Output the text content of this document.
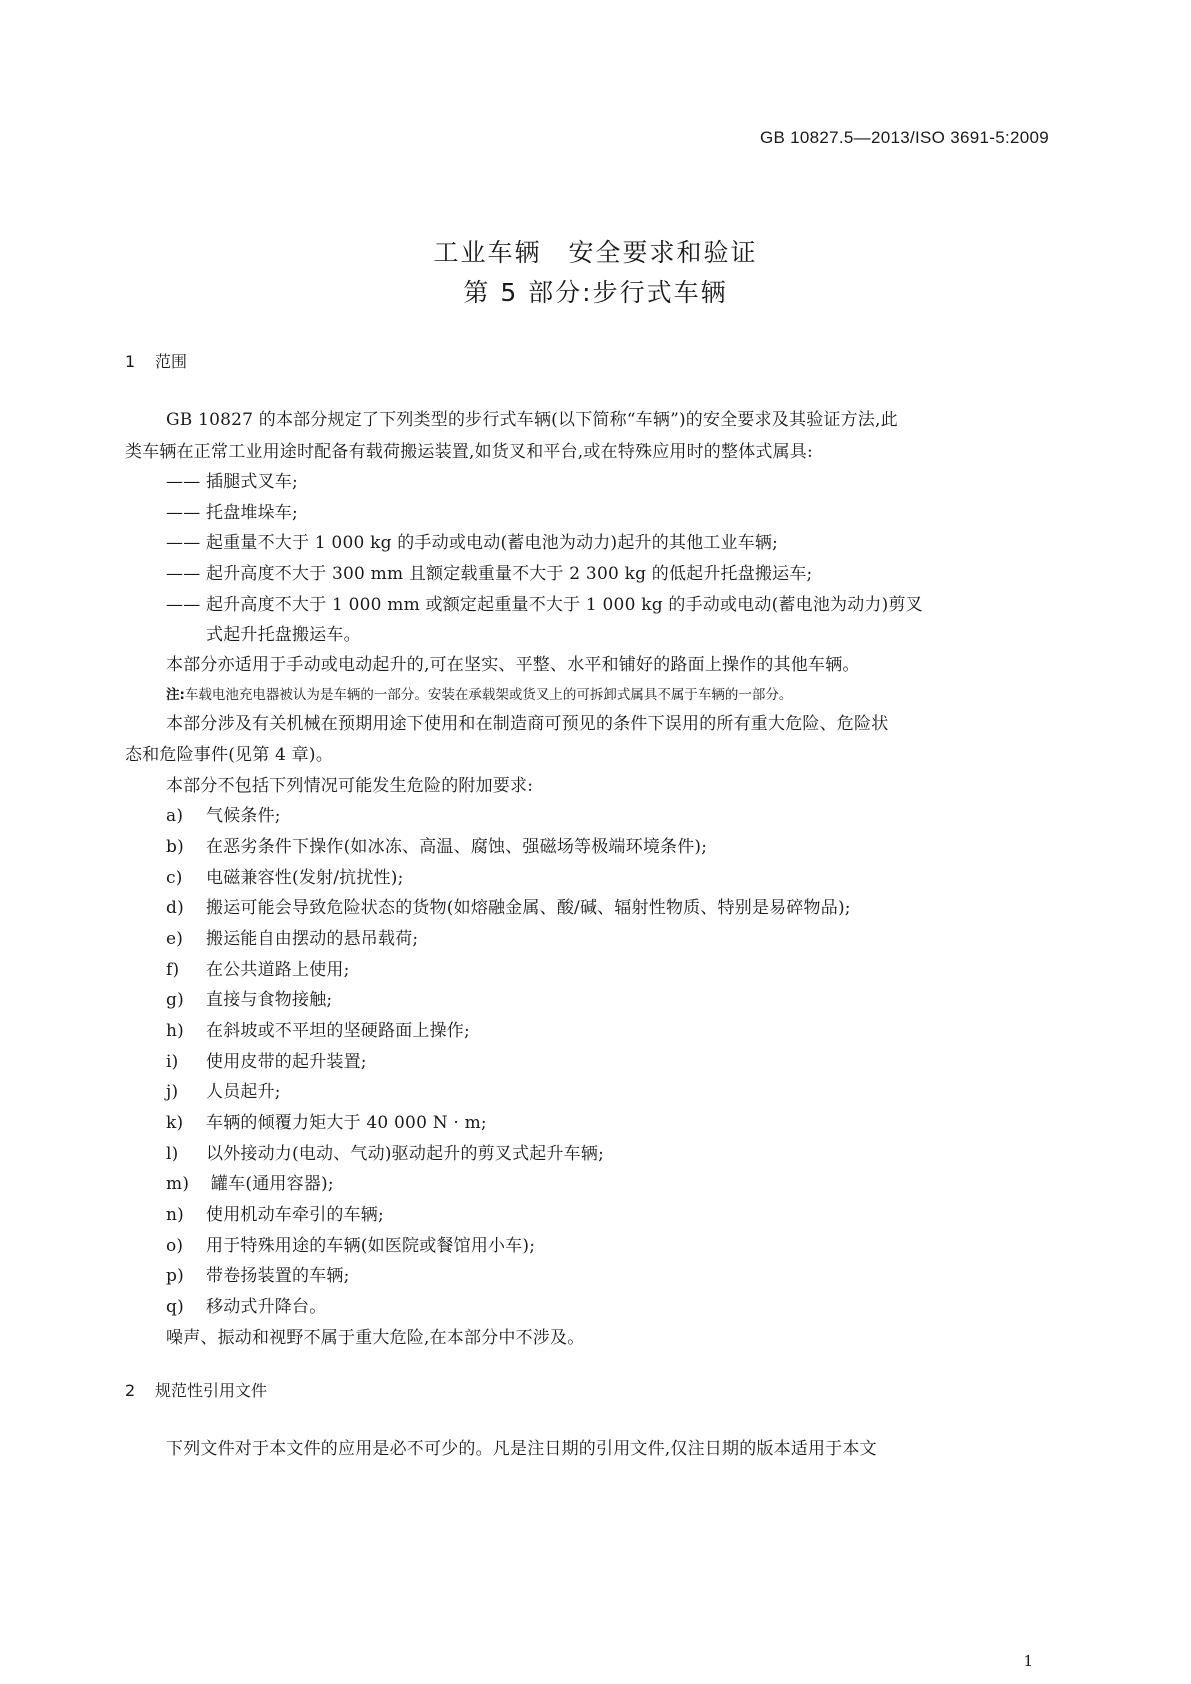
GB 10827.5—2013/ISO 3691-5:2009
工业车辆　安全要求和验证
第 5 部分:步行式车辆
1 范围
GB 10827 的本部分规定了下列类型的步行式车辆(以下简称“车辆”)的安全要求及其验证方法,此
类车辆在正常工业用途时配备有载荷搬运装置,如货叉和平台,或在特殊应用时的整体式属具:
—— 插腿式叉车;
—— 托盘堆垛车;
—— 起重量不大于 1 000 kg 的手动或电动(蓄电池为动力)起升的其他工业车辆;
—— 起升高度不大于 300 mm 且额定载重量不大于 2 300 kg 的低起升托盘搬运车;
—— 起升高度不大于 1 000 mm 或额定起重量不大于 1 000 kg 的手动或电动(蓄电池为动力)剪叉
式起升托盘搬运车。
本部分亦适用于手动或电动起升的,可在坚实、平整、水平和铺好的路面上操作的其他车辆。
注:车载电池充电器被认为是车辆的一部分。安装在承载架或货叉上的可拆卸式属具不属于车辆的一部分。
本部分涉及有关机械在预期用途下使用和在制造商可预见的条件下误用的所有重大危险、危险状
态和危险事件(见第 4 章)。
本部分不包括下列情况可能发生危险的附加要求:
a) 气候条件;
b) 在恶劣条件下操作(如冰冻、高温、腐蚀、强磁场等极端环境条件);
c) 电磁兼容性(发射/抗扰性);
d) 搬运可能会导致危险状态的货物(如熔融金属、酸/碱、辐射性物质、特别是易碎物品);
e) 搬运能自由摆动的悬吊载荷;
f) 在公共道路上使用;
g) 直接与食物接触;
h) 在斜坡或不平坦的坚硬路面上操作;
i) 使用皮带的起升装置;
j) 人员起升;
k) 车辆的倾覆力矩大于 40 000 N · m;
l) 以外接动力(电动、气动)驱动起升的剪叉式起升车辆;
m) 罐车(通用容器);
n) 使用机动车牵引的车辆;
o) 用于特殊用途的车辆(如医院或餐馆用小车);
p) 带卷扬装置的车辆;
q) 移动式升降台。
噪声、振动和视野不属于重大危险,在本部分中不涉及。
2 规范性引用文件
下列文件对于本文件的应用是必不可少的。凡是注日期的引用文件,仅注日期的版本适用于本文
1
